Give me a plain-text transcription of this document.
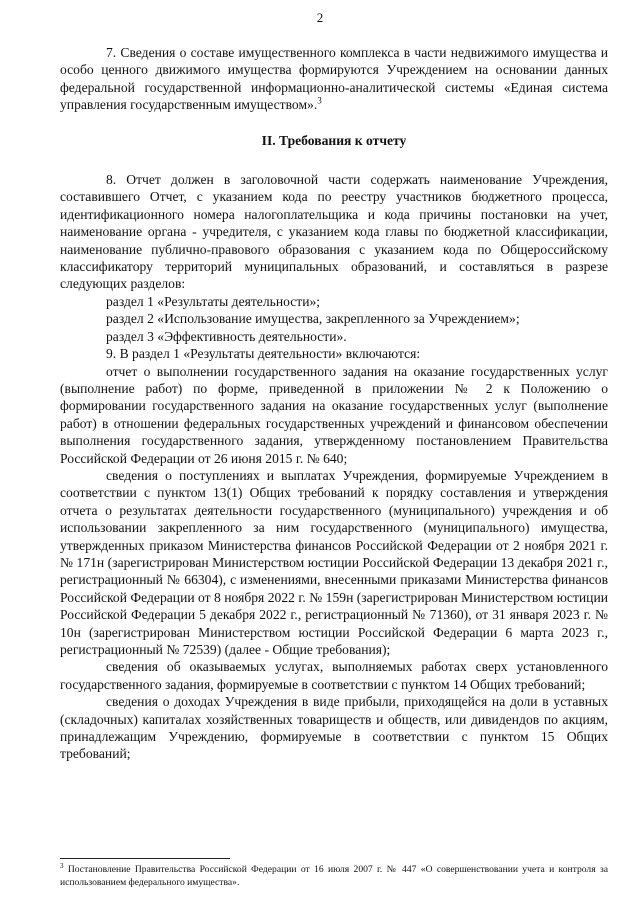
2

7. Сведения о составе имущественного комплекса в части недвижимого имущества и особо ценного движимого имущества формируются Учреждением на основании данных федеральной государственной информационно-аналитической системы «Единая система управления государственным имуществом».$^3$

II. Требования к отчету

8. Отчет должен в заголовочной части содержать наименование Учреждения, составившего Отчет, с указанием кода по реестру участников бюджетного процесса, идентификационного номера налогоплательщика и кода причины постановки на учет, наименование органа - учредителя, с указанием кода главы по бюджетной классификации, наименование публично-правового образования с указанием кода по Общероссийскому классификатору территорий муниципальных образований, и составляться в разрезе следующих разделов:

раздел 1 «Результаты деятельности»;

раздел 2 «Использование имущества, закрепленного за Учреждением»;

раздел 3 «Эффективность деятельности».

9. В раздел 1 «Результаты деятельности» включаются:

отчет о выполнении государственного задания на оказание государственных услуг (выполнение работ) по форме, приведенной в приложении № 2 к Положению о формировании государственного задания на оказание государственных услуг (выполнение работ) в отношении федеральных государственных учреждений и финансовом обеспечении выполнения государственного задания, утвержденному постановлением Правительства Российской Федерации от 26 июня 2015 г. № 640;

сведения о поступлениях и выплатах Учреждения, формируемые Учреждением в соответствии с пунктом 13(1) Общих требований к порядку составления и утверждения отчета о результатах деятельности государственного (муниципального) учреждения и об использовании закрепленного за ним государственного (муниципального) имущества, утвержденных приказом Министерства финансов Российской Федерации от 2 ноября 2021 г. № 171н (зарегистрирован Министерством юстиции Российской Федерации 13 декабря 2021 г., регистрационный № 66304), с изменениями, внесенными приказами Министерства финансов Российской Федерации от 8 ноября 2022 г. № 159н (зарегистрирован Министерством юстиции Российской Федерации 5 декабря 2022 г., регистрационный № 71360), от 31 января 2023 г. № 10н (зарегистрирован Министерством юстиции Российской Федерации 6 марта 2023 г., регистрационный № 72539) (далее - Общие требования);

сведения об оказываемых услугах, выполняемых работах сверх установленного государственного задания, формируемые в соответствии с пунктом 14 Общих требований;

сведения о доходах Учреждения в виде прибыли, приходящейся на доли в уставных (складочных) капиталах хозяйственных товариществ и обществ, или дивидендов по акциям, принадлежащим Учреждению, формируемые в соответствии с пунктом 15 Общих требований;

$^3$ Постановление Правительства Российской Федерации от 16 июля 2007 г. № 447 «О совершенствовании учета и контроля за использованием федерального имущества».
